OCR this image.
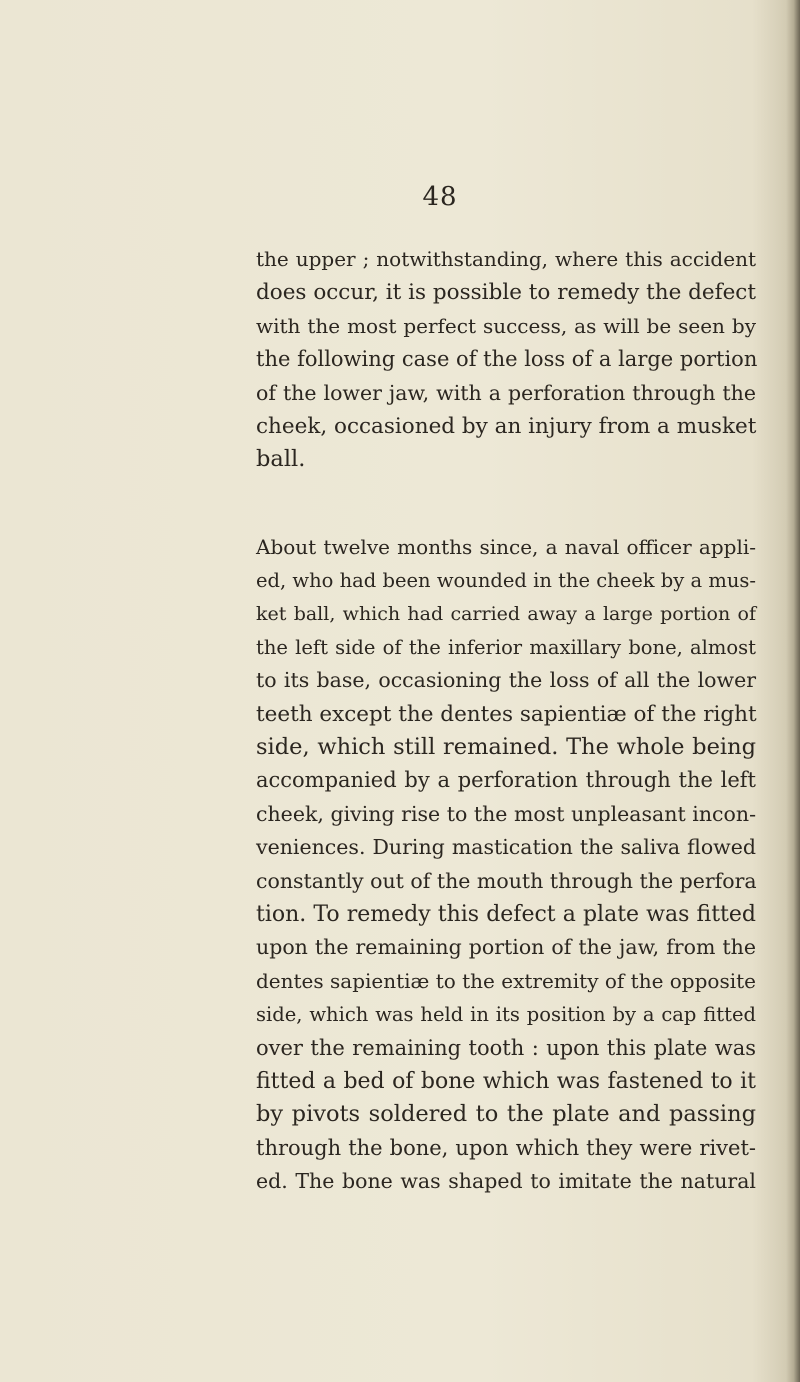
48
the upper ; notwithstanding, where this accident
does occur, it is possible to remedy the defect
with the most perfect success, as will be seen by
the following case of the loss of a large portion
of the lower jaw, with a perforation through the
cheek, occasioned by an injury from a musket
ball.
About twelve months since, a naval officer appli-
ed, who had been wounded in the cheek by a mus-
ket ball, which had carried away a large portion of
the left side of the inferior maxillary bone, almost
to its base, occasioning the loss of all the lower
teeth except the dentes sapientiæ of the right
side, which still remained. The whole being
accompanied by a perforation through the left
cheek, giving rise to the most unpleasant incon-
veniences. During mastication the saliva flowed
constantly out of the mouth through the perfora
tion. To remedy this defect a plate was fitted
upon the remaining portion of the jaw, from the
dentes sapientiæ to the extremity of the opposite
side, which was held in its position by a cap fitted
over the remaining tooth : upon this plate was
fitted a bed of bone which was fastened to it
by pivots soldered to the plate and passing
through the bone, upon which they were rivet-
ed. The bone was shaped to imitate the natural
